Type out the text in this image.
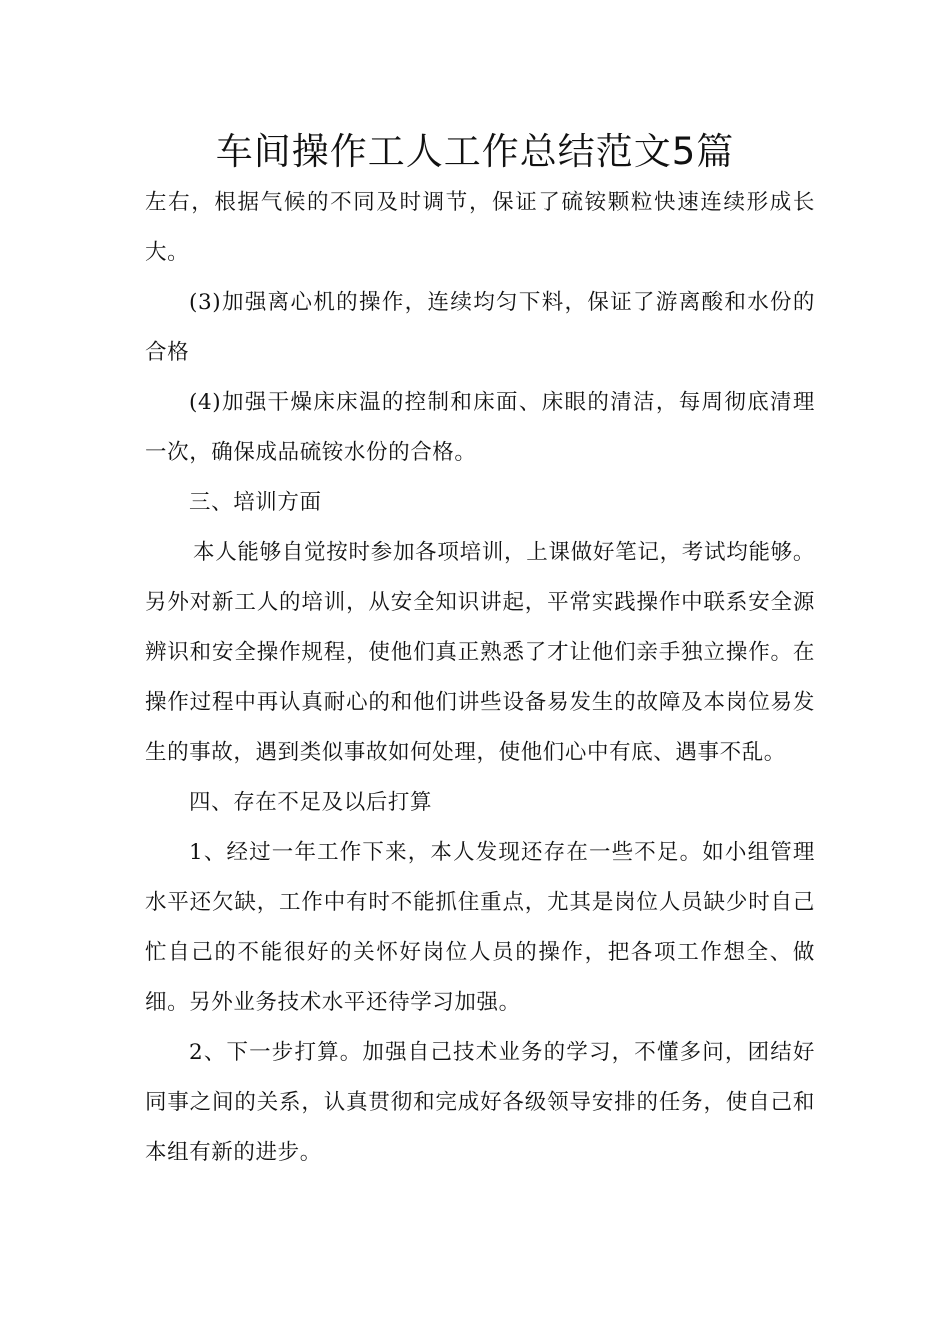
车间操作工人工作总结范文5篇

左右，根据气候的不同及时调节，保证了硫铵颗粒快速连续形成长大。

(3)加强离心机的操作，连续均匀下料，保证了游离酸和水份的合格

(4)加强干燥床床温的控制和床面、床眼的清洁，每周彻底清理一次，确保成品硫铵水份的合格。

三、培训方面

本人能够自觉按时参加各项培训，上课做好笔记，考试均能够。另外对新工人的培训，从安全知识讲起，平常实践操作中联系安全源辨识和安全操作规程，使他们真正熟悉了才让他们亲手独立操作。在操作过程中再认真耐心的和他们讲些设备易发生的故障及本岗位易发生的事故，遇到类似事故如何处理，使他们心中有底、遇事不乱。

四、存在不足及以后打算

1、经过一年工作下来，本人发现还存在一些不足。如小组管理水平还欠缺，工作中有时不能抓住重点，尤其是岗位人员缺少时自己忙自己的不能很好的关怀好岗位人员的操作，把各项工作想全、做细。另外业务技术水平还待学习加强。

2、下一步打算。加强自己技术业务的学习，不懂多问，团结好同事之间的关系，认真贯彻和完成好各级领导安排的任务，使自己和本组有新的进步。
